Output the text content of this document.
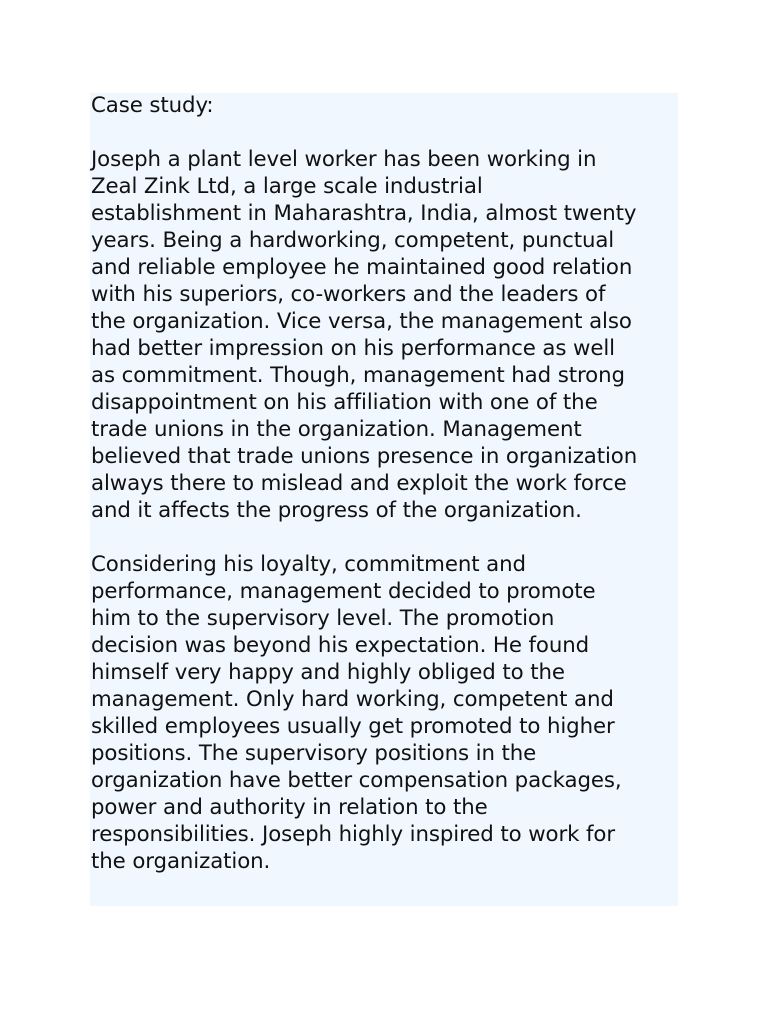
Case study:
Joseph a plant level worker has been working in
Zeal Zink Ltd, a large scale industrial
establishment in Maharashtra, India, almost twenty
years. Being a hardworking, competent, punctual
and reliable employee he maintained good relation
with his superiors, co-workers and the leaders of
the organization. Vice versa, the management also
had better impression on his performance as well
as commitment. Though, management had strong
disappointment on his affiliation with one of the
trade unions in the organization. Management
believed that trade unions presence in organization
always there to mislead and exploit the work force
and it affects the progress of the organization.
Considering his loyalty, commitment and
performance, management decided to promote
him to the supervisory level. The promotion
decision was beyond his expectation. He found
himself very happy and highly obliged to the
management. Only hard working, competent and
skilled employees usually get promoted to higher
positions. The supervisory positions in the
organization have better compensation packages,
power and authority in relation to the
responsibilities. Joseph highly inspired to work for
the organization.
